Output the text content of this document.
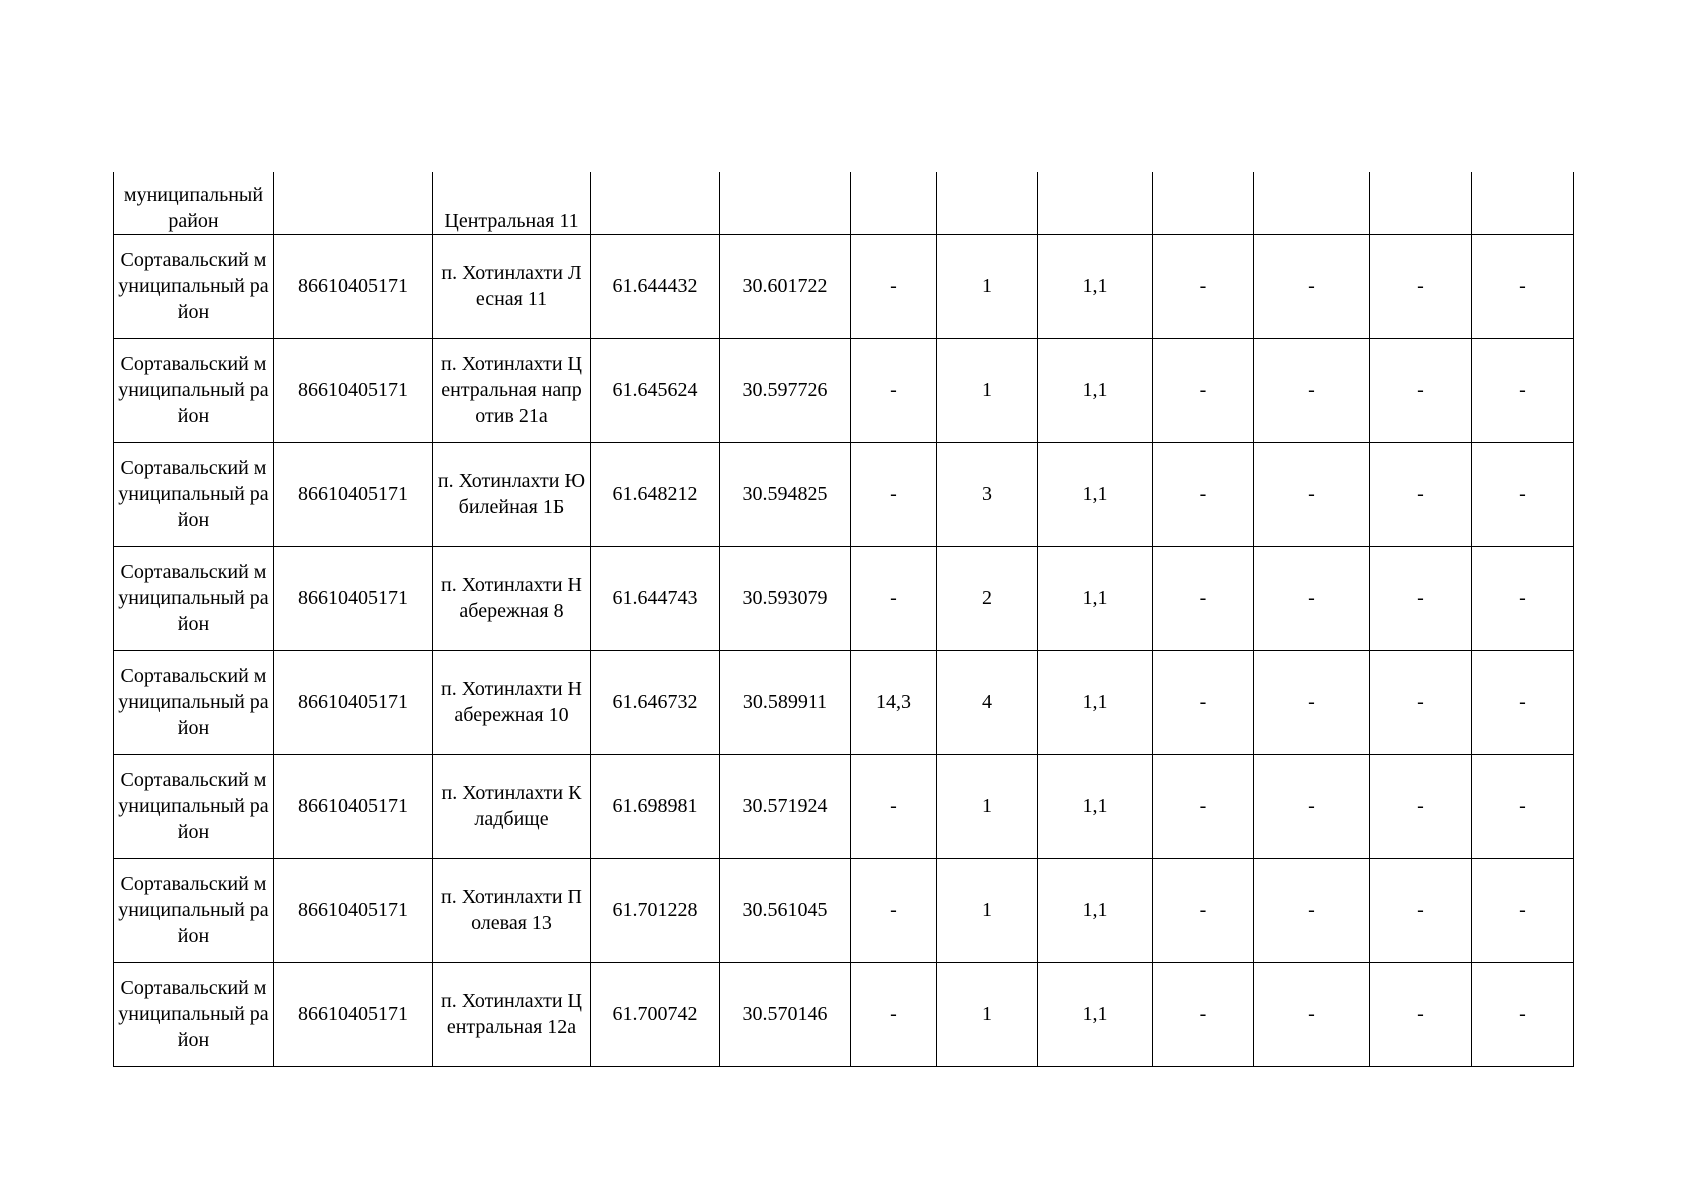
муниципальный район		Центральная 11									
Сортавальский муниципальный район	86610405171	п. Хотинлахти Лесная 11	61.644432	30.601722	-	1	1,1	-	-	-	-
Сортавальский муниципальный район	86610405171	п. Хотинлахти Центральная напротив 21а	61.645624	30.597726	-	1	1,1	-	-	-	-
Сортавальский муниципальный район	86610405171	п. Хотинлахти Юбилейная 1Б	61.648212	30.594825	-	3	1,1	-	-	-	-
Сортавальский муниципальный район	86610405171	п. Хотинлахти Набережная 8	61.644743	30.593079	-	2	1,1	-	-	-	-
Сортавальский муниципальный район	86610405171	п. Хотинлахти Набережная 10	61.646732	30.589911	14,3	4	1,1	-	-	-	-
Сортавальский муниципальный район	86610405171	п. Хотинлахти Кладбище	61.698981	30.571924	-	1	1,1	-	-	-	-
Сортавальский муниципальный район	86610405171	п. Хотинлахти Полевая 13	61.701228	30.561045	-	1	1,1	-	-	-	-
Сортавальский муниципальный район	86610405171	п. Хотинлахти Центральная 12а	61.700742	30.570146	-	1	1,1	-	-	-	-
